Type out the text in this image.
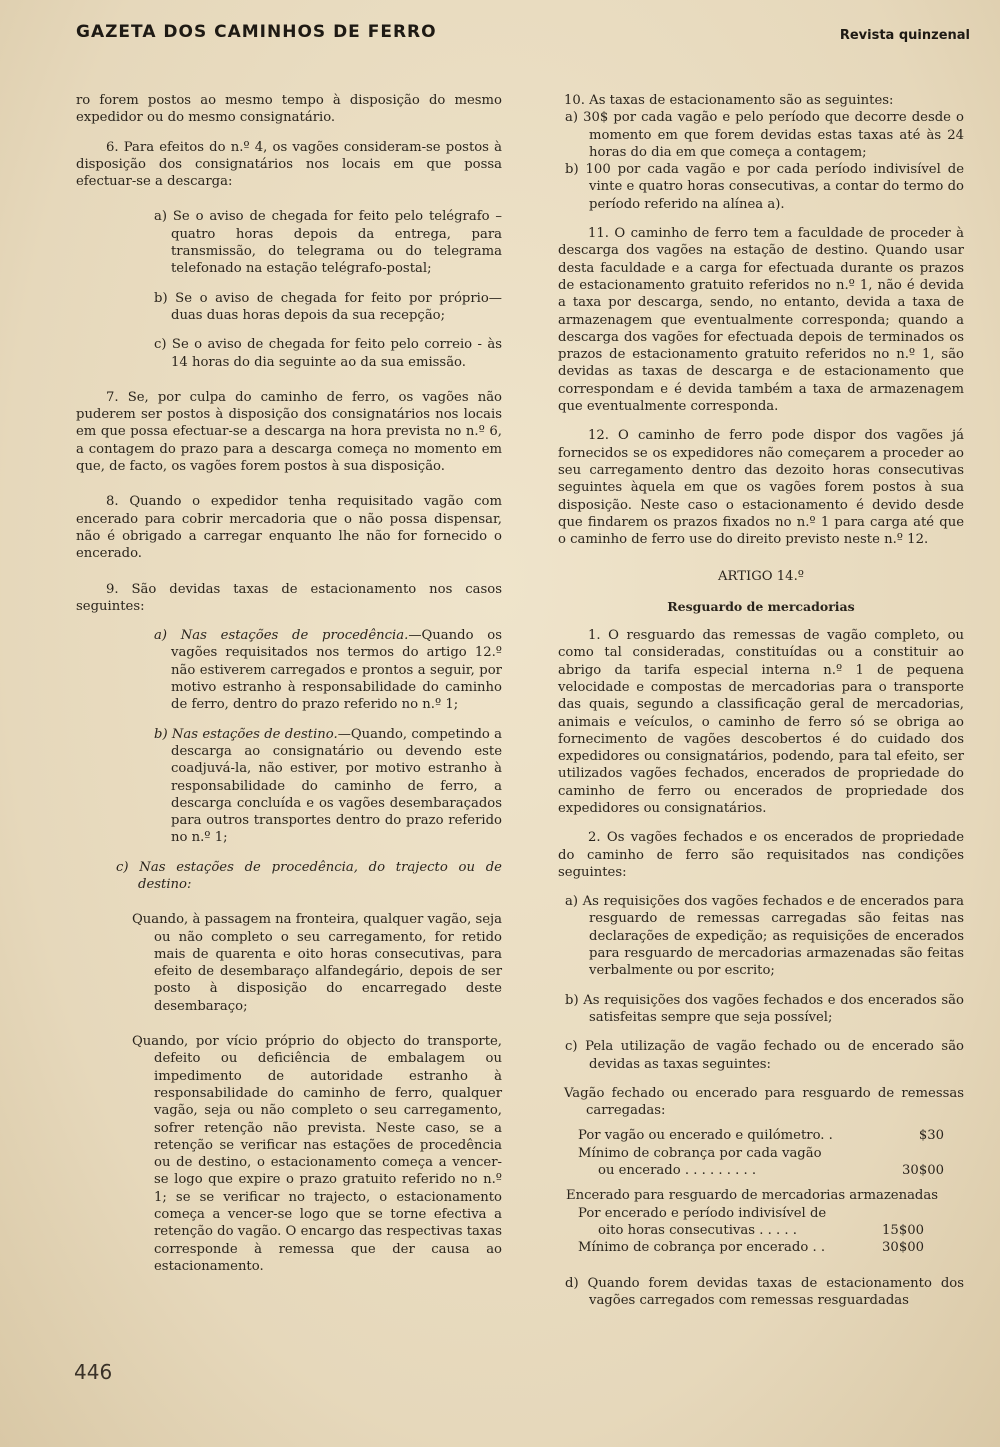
GAZETA DOS CAMINHOS DE FERRO	Revista quinzenal

ro forem postos ao mesmo tempo à disposição do mesmo expedidor ou do mesmo consignatário.

6. Para efeitos do n.º 4, os vagões consideram-se postos à disposição dos consignatários nos locais em que possa efectuar-se a descarga:

a) Se o aviso de chegada for feito pelo telégrafo – quatro horas depois da entrega, para transmissão, do telegrama ou do telegrama telefonado na estação telégrafo-postal;

b) Se o aviso de chegada for feito por próprio—duas duas horas depois da sua recepção;

c) Se o aviso de chegada for feito pelo correio - às 14 horas do dia seguinte ao da sua emissão.

7. Se, por culpa do caminho de ferro, os vagões não puderem ser postos à disposição dos consignatários nos locais em que possa efectuar-se a descarga na hora prevista no n.º 6, a contagem do prazo para a descarga começa no momento em que, de facto, os vagões forem postos à sua disposição.

8. Quando o expedidor tenha requisitado vagão com encerado para cobrir mercadoria que o não possa dispensar, não é obrigado a carregar enquanto lhe não for fornecido o encerado.

9. São devidas taxas de estacionamento nos casos seguintes:

a) Nas estações de procedência.—Quando os vagões requisitados nos termos do artigo 12.º não estiverem carregados e prontos a seguir, por motivo estranho à responsabilidade do caminho de ferro, dentro do prazo referido no n.º 1;

b) Nas estações de destino.—Quando, competindo a descarga ao consignatário ou devendo este coadjuvá-la, não estiver, por motivo estranho à responsabilidade do caminho de ferro, a descarga concluída e os vagões desembaraçados para outros transportes dentro do prazo referido no n.º 1;

c) Nas estações de procedência, do trajecto ou de destino:

Quando, à passagem na fronteira, qualquer vagão, seja ou não completo o seu carregamento, for retido mais de quarenta e oito horas consecutivas, para efeito de desembaraço alfandegário, depois de ser posto à disposição do encarregado deste desembaraço;

Quando, por vício próprio do objecto do transporte, defeito ou deficiência de embalagem ou impedimento de autoridade estranho à responsabilidade do caminho de ferro, qualquer vagão, seja ou não completo o seu carregamento, sofrer retenção não prevista. Neste caso, se a retenção se verificar nas estações de procedência ou de destino, o estacionamento começa a vencer-se logo que expire o prazo gratuito referido no n.º 1; se se verificar no trajecto, o estacionamento começa a vencer-se logo que se torne efectiva a retenção do vagão. O encargo das respectivas taxas corresponde à remessa que der causa ao estacionamento.

10. As taxas de estacionamento são as seguintes:

a) 30$ por cada vagão e pelo período que decorre desde o momento em que forem devidas estas taxas até às 24 horas do dia em que começa a contagem;

b) 100 por cada vagão e por cada período indivisível de vinte e quatro horas consecutivas, a contar do termo do período referido na alínea a).

11. O caminho de ferro tem a faculdade de proceder à descarga dos vagões na estação de destino. Quando usar desta faculdade e a carga for efectuada durante os prazos de estacionamento gratuito referidos no n.º 1, não é devida a taxa por descarga, sendo, no entanto, devida a taxa de armazenagem que eventualmente corresponda; quando a descarga dos vagões for efectuada depois de terminados os prazos de estacionamento gratuito referidos no n.º 1, são devidas as taxas de descarga e de estacionamento que correspondam e é devida também a taxa de armazenagem que eventualmente corresponda.

12. O caminho de ferro pode dispor dos vagões já fornecidos se os expedidores não começarem a proceder ao seu carregamento dentro das dezoito horas consecutivas seguintes àquela em que os vagões forem postos à sua disposição. Neste caso o estacionamento é devido desde que findarem os prazos fixados no n.º 1 para carga até que o caminho de ferro use do direito previsto neste n.º 12.

ARTIGO 14.º

Resguardo de mercadorias

1. O resguardo das remessas de vagão completo, ou como tal consideradas, constituídas ou a constituir ao abrigo da tarifa especial interna n.º 1 de pequena velocidade e compostas de mercadorias para o transporte das quais, segundo a classificação geral de mercadorias, animais e veículos, o caminho de ferro só se obriga ao fornecimento de vagões descobertos é do cuidado dos expedidores ou consignatários, podendo, para tal efeito, ser utilizados vagões fechados, encerados de propriedade do caminho de ferro ou encerados de propriedade dos expedidores ou consignatários.

2. Os vagões fechados e os encerados de propriedade do caminho de ferro são requisitados nas condições seguintes:

a) As requisições dos vagões fechados e de encerados para resguardo de remessas carregadas são feitas nas declarações de expedição; as requisições de encerados para resguardo de mercadorias armazenadas são feitas verbalmente ou por escrito;

b) As requisições dos vagões fechados e dos encerados são satisfeitas sempre que seja possível;

c) Pela utilização de vagão fechado ou de encerado são devidas as taxas seguintes:

Vagão fechado ou encerado para resguardo de remessas carregadas:

Por vagão ou encerado e quilómetro. .	$30
Mínimo de cobrança por cada vagão
ou encerado . . . . . . . . .	30$00

Encerado para resguardo de mercadorias armazenadas

Por encerado e período indivisível de
oito horas consecutivas . . . . .	15$00
Mínimo de cobrança por encerado . .	30$00

d) Quando forem devidas taxas de estacionamento dos vagões carregados com remessas resguardadas

446
